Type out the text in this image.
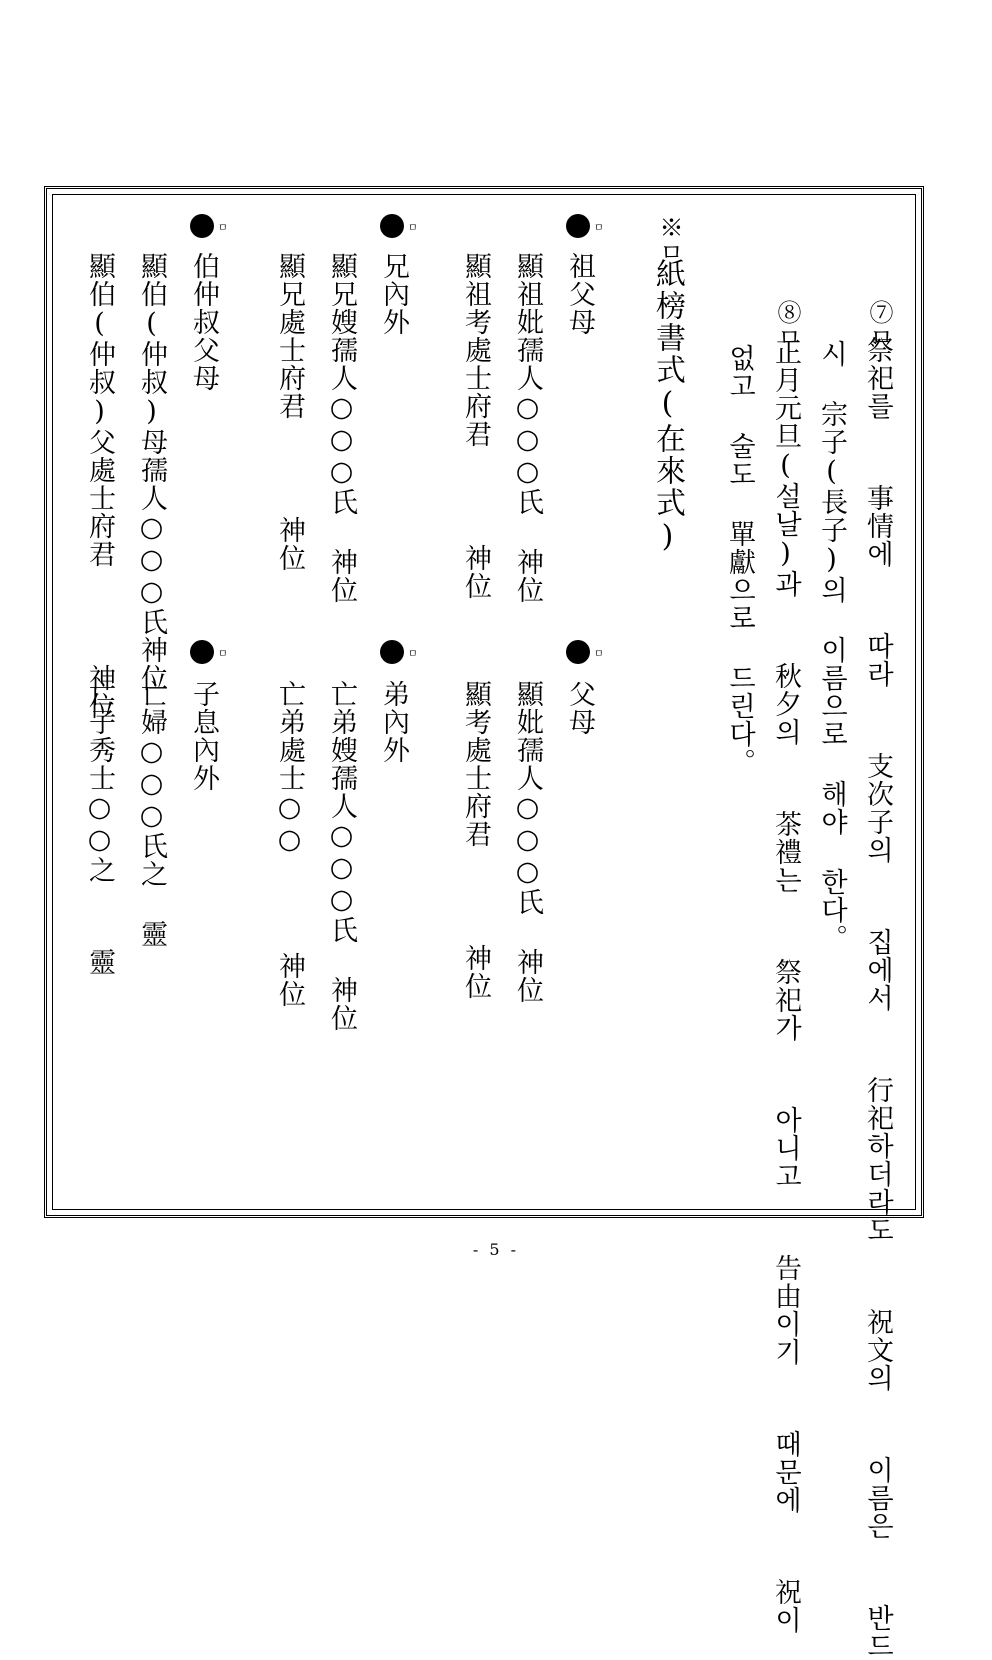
⑦ㅁ
祭祀를  事情에  따라  支次子의  집에서  行祀하더라도  祝文의  이름은  반드
시 宗子(長子)의 이름으로 해야 한다。
⑧ㅁ
正月元旦(설날)과  秋夕의  茶禮는  祭祀가  아니고  告由이기  때문에  祝이
없고 술도 單獻으로 드린다。
※ㅁ
紙榜書式(在來式)
ㅁ
祖父母
顯祖妣孺人○○○氏 神位
顯祖考處士府君   神位
ㅁ
兄內外
顯兄嫂孺人○○○氏 神位
顯兄處士府君   神位
ㅁ
伯仲叔父母
顯伯(仲叔)母孺人○○○氏神位
顯伯(仲叔)父處士府君   神位	ㅁ
父母
顯妣孺人○○○氏 神位
顯考處士府君   神位
ㅁ
弟內外
亡弟嫂孺人○○○氏 神位
亡弟處士○○   神位
ㅁ
子息內外
亡婦○○○氏之 靈
亡子秀士○○之  靈
- 5 -
